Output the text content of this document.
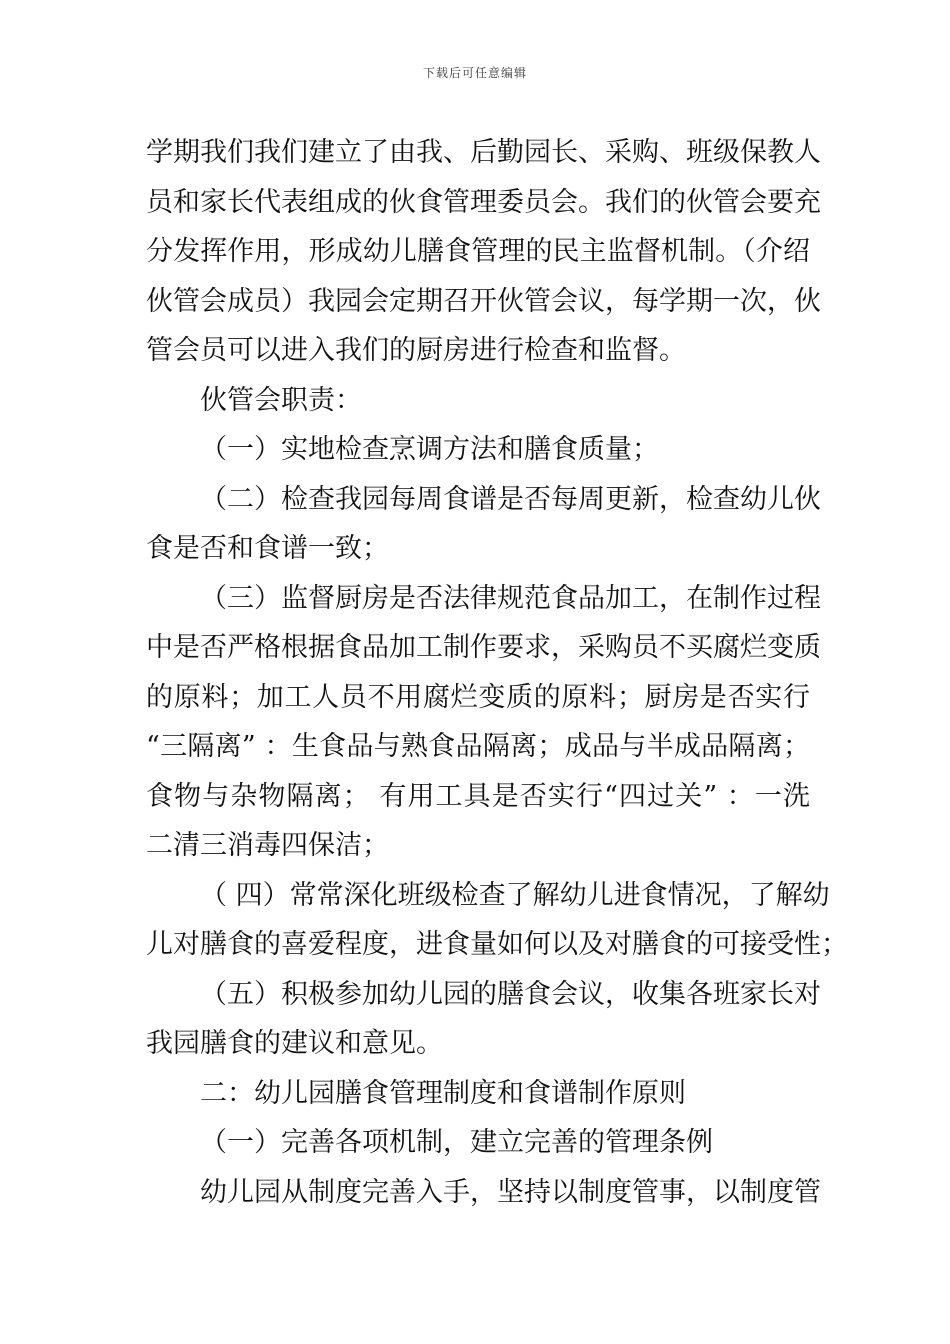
下载后可任意编辑
学期我们我们建立了由我、后勤园长、采购、班级保教人
员和家长代表组成的伙食管理委员会。我们的伙管会要充
分发挥作用，形成幼儿膳食管理的民主监督机制。（介绍
伙管会成员）我园会定期召开伙管会议，每学期一次，伙
管会员可以进入我们的厨房进行检查和监督。
伙管会职责：
（一）实地检查烹调方法和膳食质量；
（二）检查我园每周食谱是否每周更新，检查幼儿伙
食是否和食谱一致；
（三）监督厨房是否法律规范食品加工，在制作过程
中是否严格根据食品加工制作要求，采购员不买腐烂变质
的原料；加工人员不用腐烂变质的原料；厨房是否实行
“三隔离” ：生食品与熟食品隔离；成品与半成品隔离；
食物与杂物隔离； 有用工具是否实行“四过关” ：一洗
二清三消毒四保洁；
（ 四）常常深化班级检查了解幼儿进食情况，了解幼
儿对膳食的喜爱程度，进食量如何以及对膳食的可接受性；
（五）积极参加幼儿园的膳食会议，收集各班家长对
我园膳食的建议和意见。
二：幼儿园膳食管理制度和食谱制作原则
（一）完善各项机制，建立完善的管理条例
幼儿园从制度完善入手，坚持以制度管事，以制度管
